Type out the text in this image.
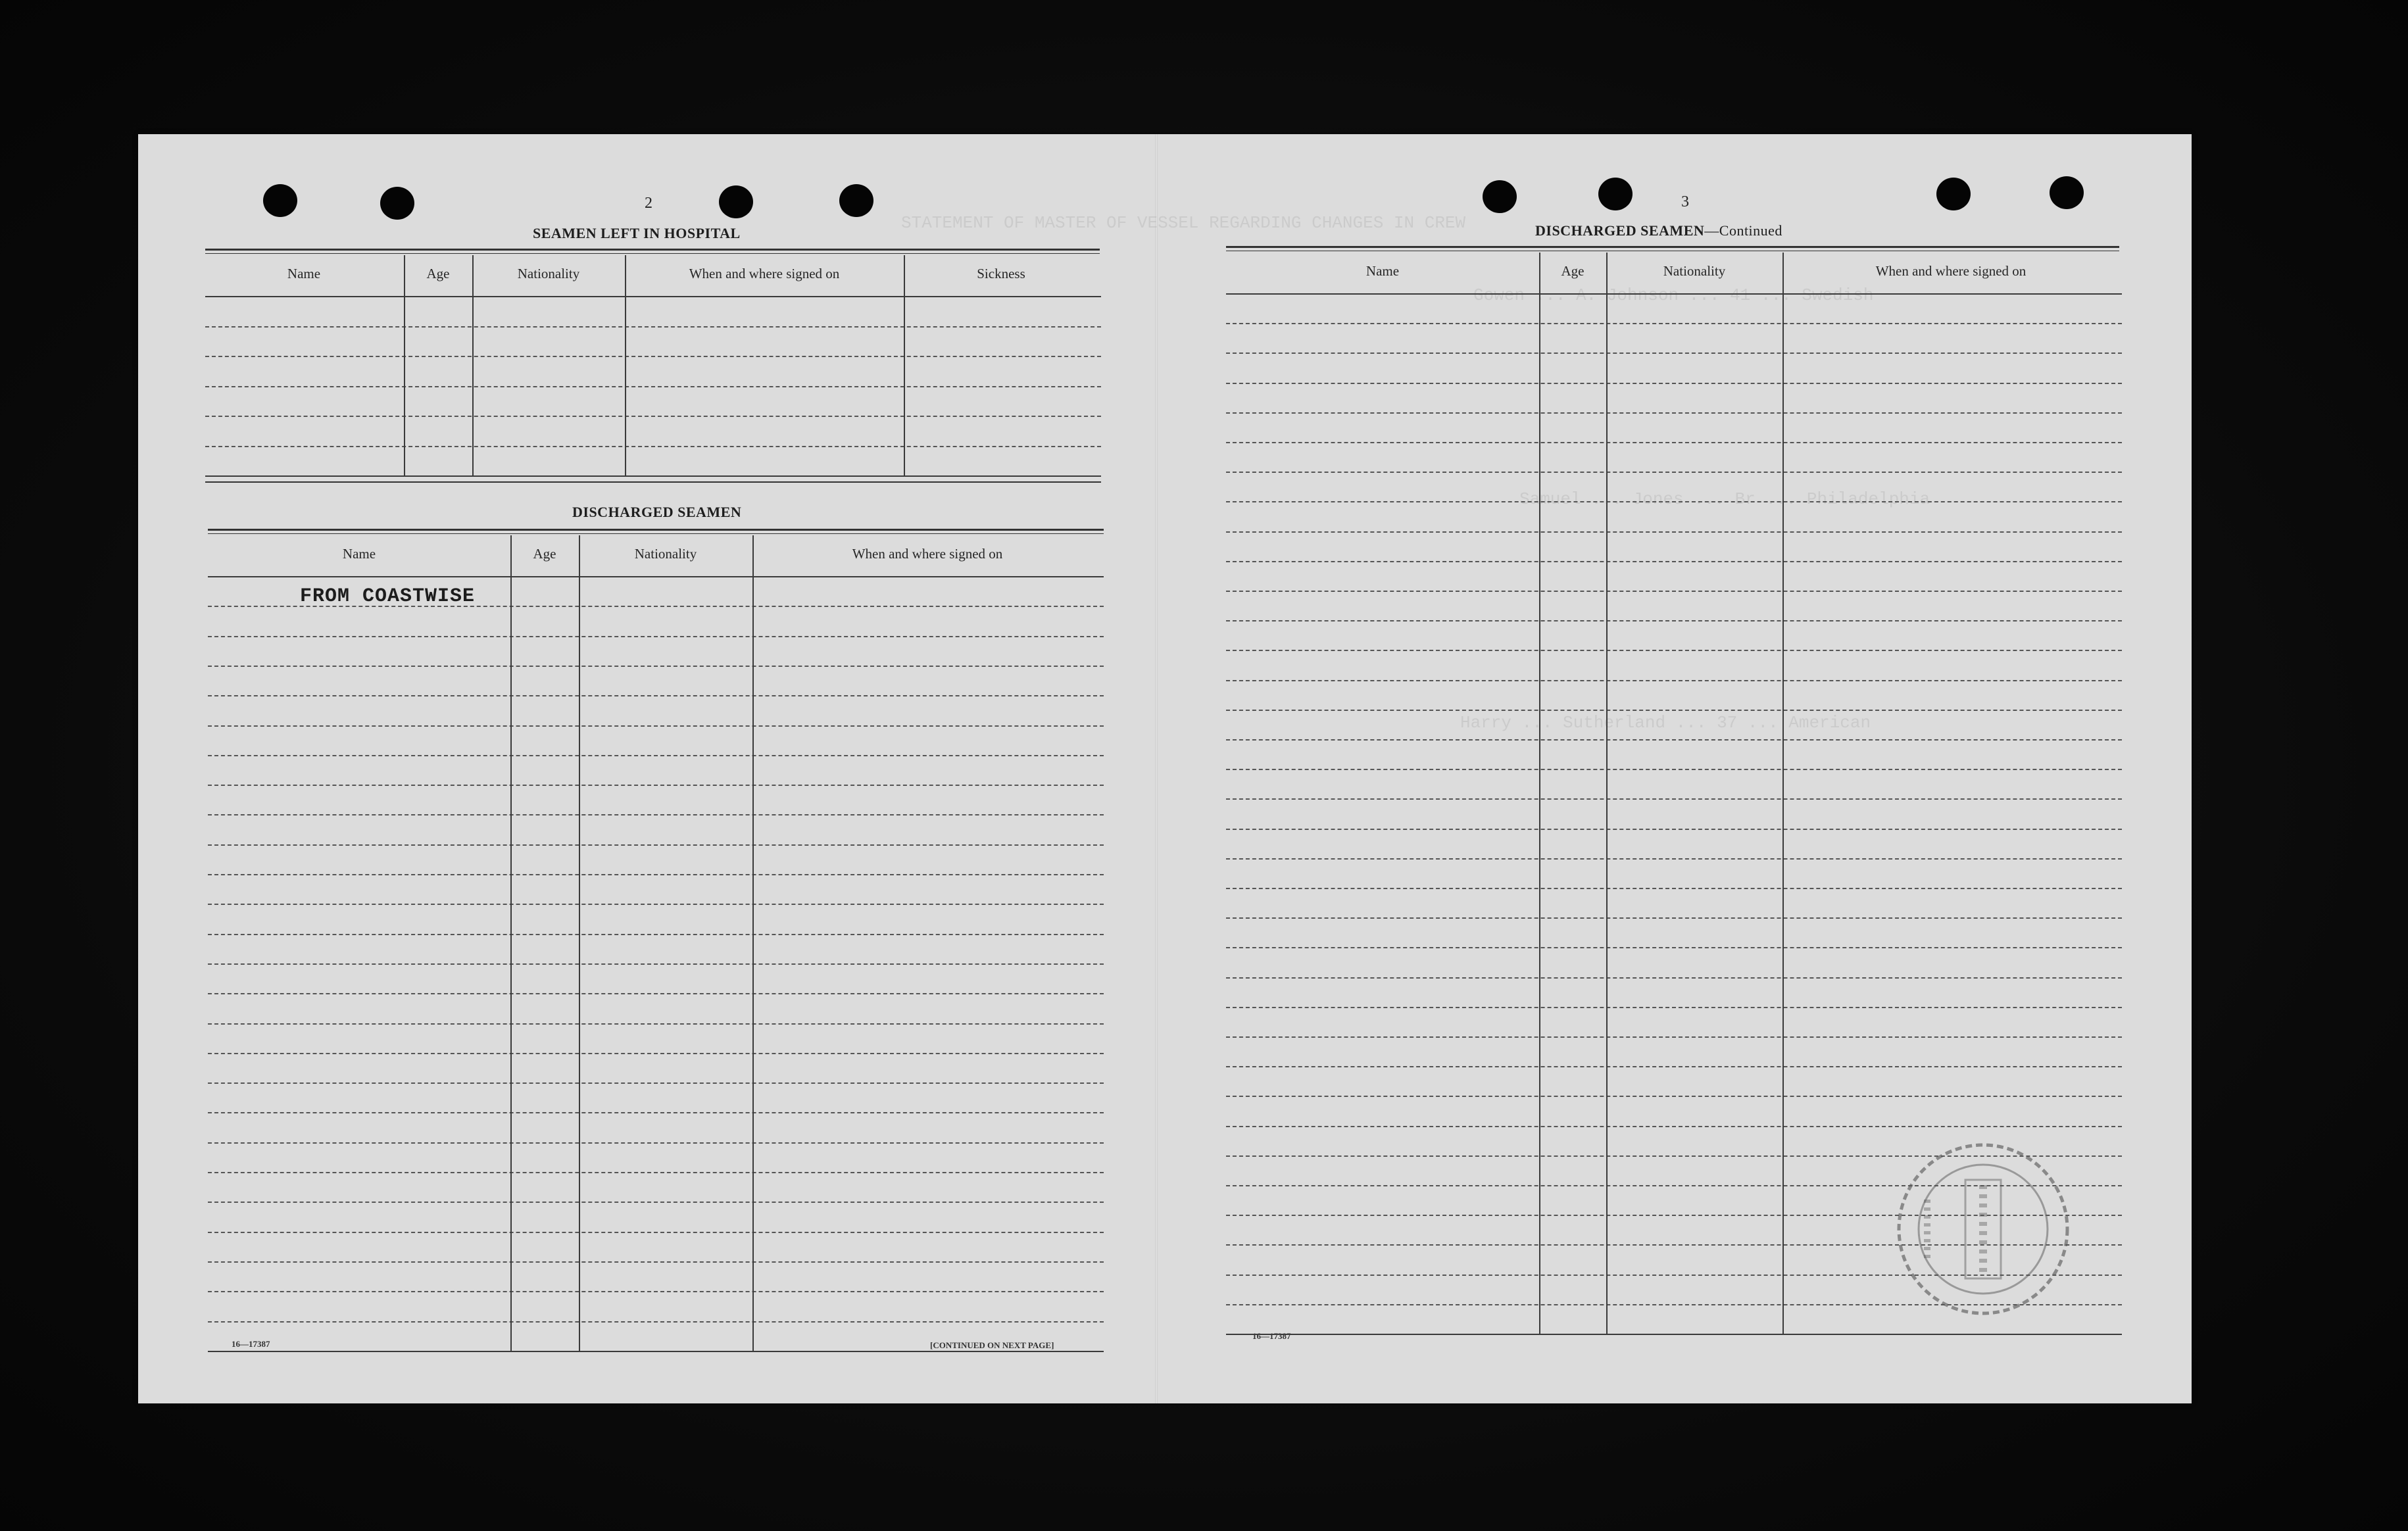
STATEMENT OF MASTER OF VESSEL REGARDING CHANGES IN CREW
Gowen ... A. Johnson ... 41 ... Swedish
Samuel ... Jones ... Br ... Philadelphia
Harry ... Sutherland ... 37 ... American
2
SEAMEN LEFT IN HOSPITAL
Name	Age	Nationality	When and where signed on	Sickness
DISCHARGED SEAMEN
Name	Age	Nationality	When and where signed on
FROM COASTWISE
16—17387	[CONTINUED ON NEXT PAGE]
3
DISCHARGED SEAMEN—Continued
Name	Age	Nationality	When and where signed on
16—17387
